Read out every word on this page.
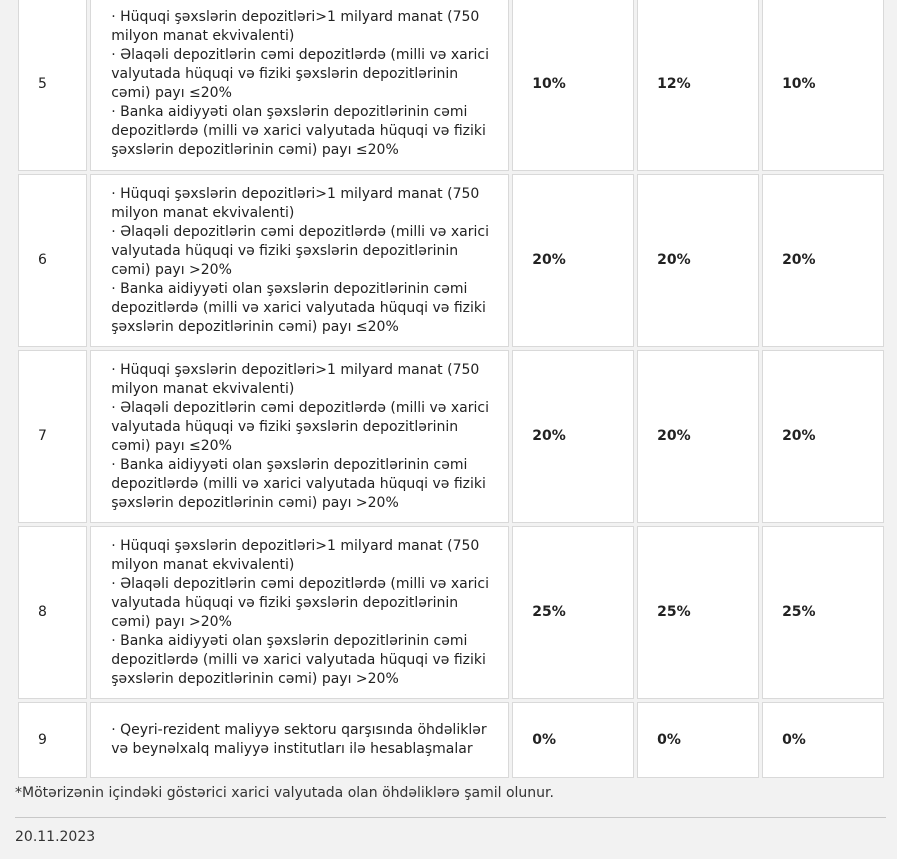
5	· Hüquqi şəxslərin depozitləri>1 milyard manat (750 milyon manat ekvivalenti)
· Əlaqəli depozitlərin cəmi depozitlərdə (milli və xarici valyutada hüquqi və fiziki şəxslərin depozitlərinin cəmi) payı ≤20%
· Banka aidiyyəti olan şəxslərin depozitlərinin cəmi depozitlərdə (milli və xarici valyutada hüquqi və fiziki şəxslərin depozitlərinin cəmi) payı ≤20%	10%	12%	10%
6	· Hüquqi şəxslərin depozitləri>1 milyard manat (750 milyon manat ekvivalenti)
· Əlaqəli depozitlərin cəmi depozitlərdə (milli və xarici valyutada hüquqi və fiziki şəxslərin depozitlərinin cəmi) payı >20%
· Banka aidiyyəti olan şəxslərin depozitlərinin cəmi depozitlərdə (milli və xarici valyutada hüquqi və fiziki şəxslərin depozitlərinin cəmi) payı ≤20%	20%	20%	20%
7	· Hüquqi şəxslərin depozitləri>1 milyard manat (750 milyon manat ekvivalenti)
· Əlaqəli depozitlərin cəmi depozitlərdə (milli və xarici valyutada hüquqi və fiziki şəxslərin depozitlərinin cəmi) payı ≤20%
· Banka aidiyyəti olan şəxslərin depozitlərinin cəmi depozitlərdə (milli və xarici valyutada hüquqi və fiziki şəxslərin depozitlərinin cəmi) payı >20%	20%	20%	20%
8	· Hüquqi şəxslərin depozitləri>1 milyard manat (750 milyon manat ekvivalenti)
· Əlaqəli depozitlərin cəmi depozitlərdə (milli və xarici valyutada hüquqi və fiziki şəxslərin depozitlərinin cəmi) payı >20%
· Banka aidiyyəti olan şəxslərin depozitlərinin cəmi depozitlərdə (milli və xarici valyutada hüquqi və fiziki şəxslərin depozitlərinin cəmi) payı >20%	25%	25%	25%
9	· Qeyri-rezident maliyyə sektoru qarşısında öhdəliklər və beynəlxalq maliyyə institutları ilə hesablaşmalar	0%	0%	0%
*Mötərizənin içindəki göstərici xarici valyutada olan öhdəliklərə şamil olunur.
20.11.2023
